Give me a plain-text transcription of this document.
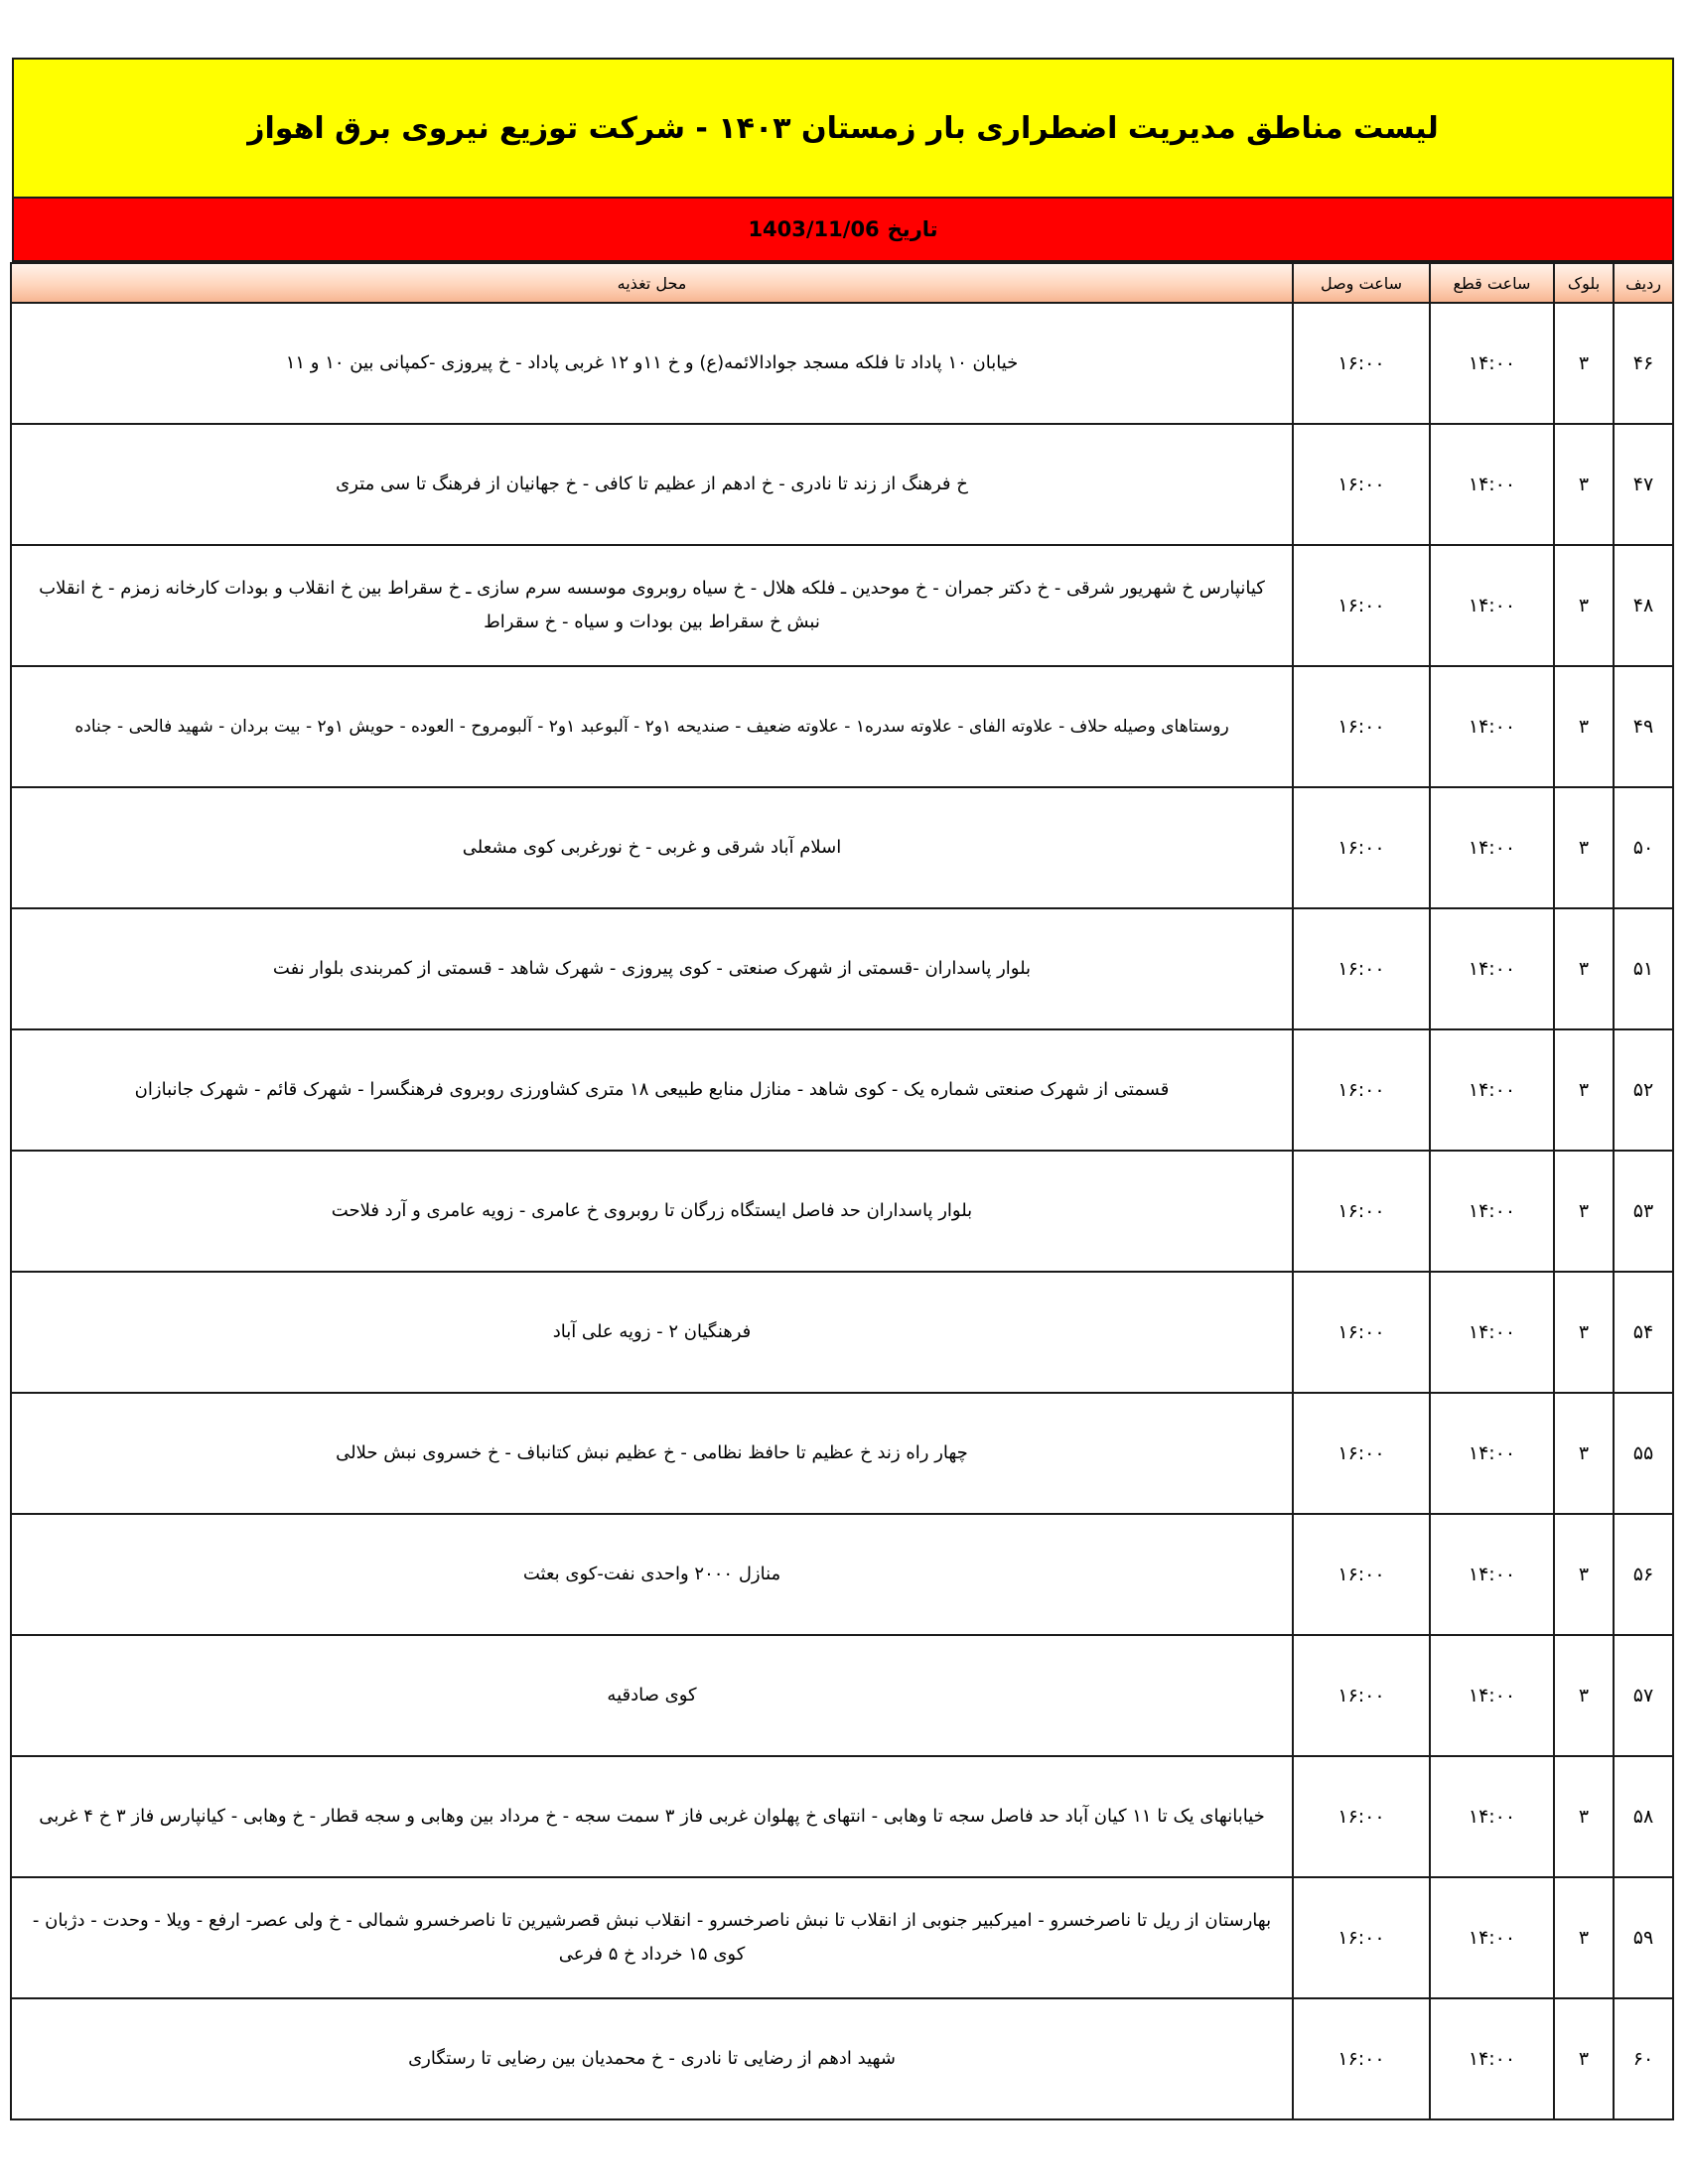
لیست مناطق مدیریت اضطراری بار زمستان ۱۴۰۳ - شرکت توزیع نیروی برق اهواز
تاریخ
1403/11/06
ردیف	بلوک	ساعت قطع	ساعت وصل	محل تغذیه
۴۶	۳	۱۴:۰۰	۱۶:۰۰	خیابان ۱۰ پاداد تا فلکه مسجد جوادالائمه(ع) و خ ۱۱و ۱۲ غربی پاداد - خ پیروزی -کمپانی بین ۱۰ و ۱۱
۴۷	۳	۱۴:۰۰	۱۶:۰۰	خ فرهنگ از زند تا نادری - خ ادهم از عظیم تا کافی - خ جهانیان از فرهنگ تا سی متری
۴۸	۳	۱۴:۰۰	۱۶:۰۰	کیانپارس خ شهریور شرقی - خ دکتر جمران - خ موحدین ـ فلکه هلال - خ سیاه روبروی موسسه سرم سازی ـ خ سقراط بین خ انقلاب و بودات کارخانه زمزم - خ انقلاب نبش خ سقراط بین بودات و سیاه - خ سقراط
۴۹	۳	۱۴:۰۰	۱۶:۰۰	روستاهای وصیله حلاف - علاوته الفای - علاوته سدره۱ - علاوته ضعیف - صندیحه ۱و۲ - آلبوعبد ۱و۲ - آلبومروح - العوده - حویش ۱و۲ - بیت بردان - شهید فالحی - جناده
۵۰	۳	۱۴:۰۰	۱۶:۰۰	اسلام آباد شرقی و غربی - خ نورغربی کوی مشعلی
۵۱	۳	۱۴:۰۰	۱۶:۰۰	بلوار پاسداران -قسمتی از شهرک صنعتی - کوی پیروزی - شهرک شاهد - قسمتی از کمربندی بلوار نفت
۵۲	۳	۱۴:۰۰	۱۶:۰۰	قسمتی از شهرک صنعتی شماره یک - کوی شاهد - منازل منابع طبیعی ۱۸ متری کشاورزی روبروی فرهنگسرا - شهرک قائم - شهرک جانبازان
۵۳	۳	۱۴:۰۰	۱۶:۰۰	بلوار پاسداران حد فاصل ایستگاه زرگان تا روبروی خ عامری - زویه عامری و آرد فلاحت
۵۴	۳	۱۴:۰۰	۱۶:۰۰	فرهنگیان ۲ - زویه علی آباد
۵۵	۳	۱۴:۰۰	۱۶:۰۰	چهار راه زند خ عظیم تا حافظ نظامی - خ عظیم نبش کتانباف - خ خسروی نبش حلالی
۵۶	۳	۱۴:۰۰	۱۶:۰۰	منازل ۲۰۰۰ واحدی نفت-کوی بعثت
۵۷	۳	۱۴:۰۰	۱۶:۰۰	کوی صادقیه
۵۸	۳	۱۴:۰۰	۱۶:۰۰	خیابانهای یک تا ۱۱ کیان آباد حد فاصل سجه تا وهابی - انتهای خ پهلوان غربی فاز ۳ سمت سجه - خ مرداد بین وهابی و سجه قطار - خ وهابی - کیانپارس فاز ۳ خ ۴ غربی
۵۹	۳	۱۴:۰۰	۱۶:۰۰	بهارستان از ریل تا ناصرخسرو - امیرکبیر جنوبی از انقلاب تا نبش ناصرخسرو - انقلاب نبش قصرشیرین تا ناصرخسرو شمالی - خ ولی عصر- ارفع - ویلا - وحدت - دژبان - کوی ۱۵ خرداد خ ۵ فرعی
۶۰	۳	۱۴:۰۰	۱۶:۰۰	شهید ادهم از رضایی تا نادری - خ محمدیان بین رضایی تا رستگاری
